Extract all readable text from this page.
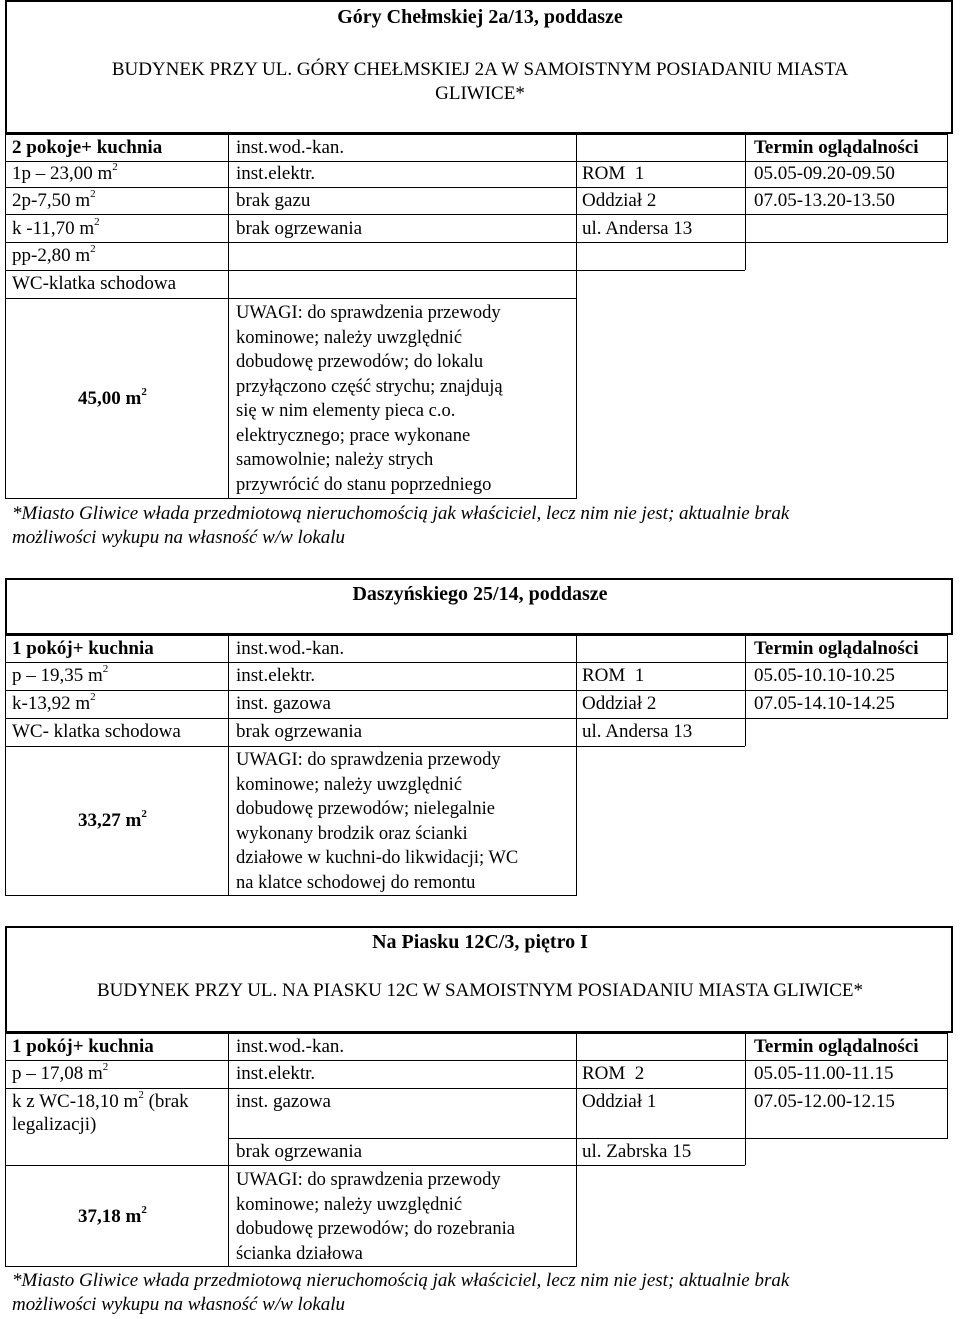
Góry Chełmskiej 2a/13, poddasze
BUDYNEK PRZY UL. GÓRY CHEŁMSKIEJ 2A W SAMOISTNYM POSIADANIU MIASTA
GLIWICE*
2 pokoje+ kuchnia
1p – 23,00 $m^2$
2p-7,50 $m^2$
k -11,70 $m^2$
pp-2,80 $m^2$
WC-klatka schodowa
inst.wod.-kan.
inst.elektr.
brak gazu
brak ogrzewania
ROM  1
Oddział 2
ul. Andersa 13
Termin oglądalności
05.05-09.20-09.50
07.05-13.20-13.50
45,00 $m^2$
UWAGI: do sprawdzenia przewody
kominowe; należy uwzględnić
dobudowę przewodów; do lokalu
przyłączono część strychu; znajdują
się w nim elementy pieca c.o.
elektrycznego; prace wykonane
samowolnie; należy strych
przywrócić do stanu poprzedniego
*Miasto Gliwice włada przedmiotową nieruchomością jak właściciel, lecz nim nie jest; aktualnie brak
możliwości wykupu na własność w/w lokalu
Daszyńskiego 25/14, poddasze
1 pokój+ kuchnia
p – 19,35 $m^2$
k-13,92 $m^2$
WC- klatka schodowa
inst.wod.-kan.
inst.elektr.
inst. gazowa
brak ogrzewania
ROM  1
Oddział 2
ul. Andersa 13
Termin oglądalności
05.05-10.10-10.25
07.05-14.10-14.25
33,27 $m^2$
UWAGI: do sprawdzenia przewody
kominowe; należy uwzględnić
dobudowę przewodów; nielegalnie
wykonany brodzik oraz ścianki
działowe w kuchni-do likwidacji; WC
na klatce schodowej do remontu
Na Piasku 12C/3, piętro I
BUDYNEK PRZY UL. NA PIASKU 12C W SAMOISTNYM POSIADANIU MIASTA GLIWICE*
1 pokój+ kuchnia
p – 17,08 $m^2$
k z WC-18,10 $m^2$ (brak
legalizacji)
inst.wod.-kan.
inst.elektr.
inst. gazowa
brak ogrzewania
ROM  2
Oddział 1
ul. Zabrska 15
Termin oglądalności
05.05-11.00-11.15
07.05-12.00-12.15
37,18 $m^2$
UWAGI: do sprawdzenia przewody
kominowe; należy uwzględnić
dobudowę przewodów; do rozebrania
ścianka działowa
*Miasto Gliwice włada przedmiotową nieruchomością jak właściciel, lecz nim nie jest; aktualnie brak
możliwości wykupu na własność w/w lokalu
